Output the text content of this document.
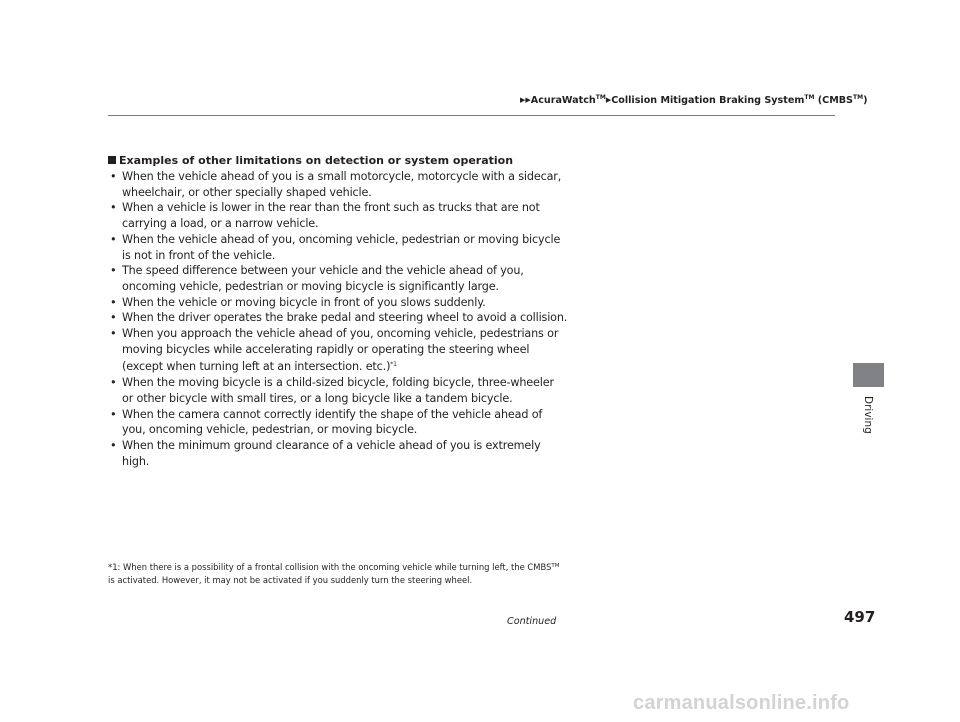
▶▶AcuraWatch™▶Collision Mitigation Braking System™ (CMBS™)
Examples of other limitations on detection or system operation
• When the vehicle ahead of you is a small motorcycle, motorcycle with a sidecar, wheelchair, or other specially shaped vehicle.
• When a vehicle is lower in the rear than the front such as trucks that are not carrying a load, or a narrow vehicle.
• When the vehicle ahead of you, oncoming vehicle, pedestrian or moving bicycle is not in front of the vehicle.
• The speed difference between your vehicle and the vehicle ahead of you, oncoming vehicle, pedestrian or moving bicycle is significantly large.
• When the vehicle or moving bicycle in front of you slows suddenly.
• When the driver operates the brake pedal and steering wheel to avoid a collision.
• When you approach the vehicle ahead of you, oncoming vehicle, pedestrians or moving bicycles while accelerating rapidly or operating the steering wheel (except when turning left at an intersection. etc.)$^{*1}$
• When the moving bicycle is a child-sized bicycle, folding bicycle, three-wheeler or other bicycle with small tires, or a long bicycle like a tandem bicycle.
• When the camera cannot correctly identify the shape of the vehicle ahead of you, oncoming vehicle, pedestrian, or moving bicycle.
• When the minimum ground clearance of a vehicle ahead of you is extremely high.
*1: When there is a possibility of a frontal collision with the oncoming vehicle while turning left, the CMBS™ is activated. However, it may not be activated if you suddenly turn the steering wheel.
Continued	497
Driving
carmanualsonline.info
